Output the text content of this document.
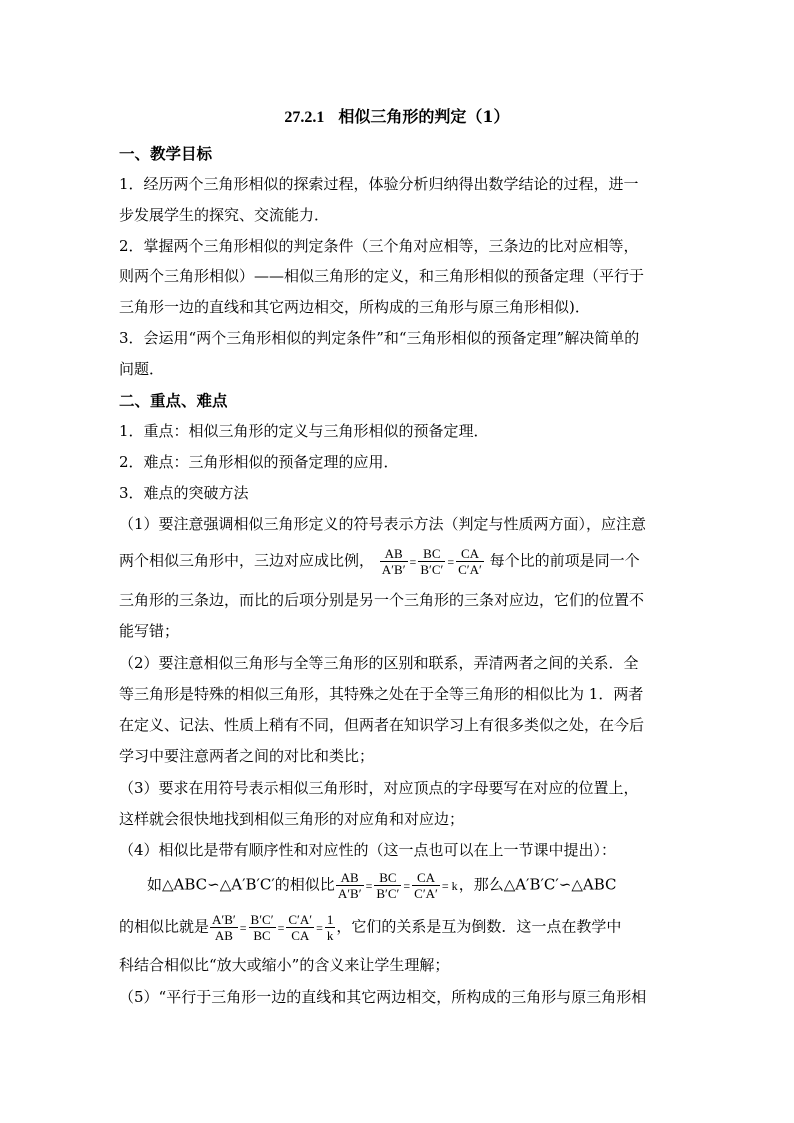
27.2.1 相似三角形的判定（1）
一、教学目标
1．经历两个三角形相似的探索过程，体验分析归纳得出数学结论的过程，进一
步发展学生的探究、交流能力．
2．掌握两个三角形相似的判定条件（三个角对应相等，三条边的比对应相等，
则两个三角形相似）——相似三角形的定义，和三角形相似的预备定理（平行于
三角形一边的直线和其它两边相交，所构成的三角形与原三角形相似)．
3．会运用“两个三角形相似的判定条件”和“三角形相似的预备定理”解决简单的
问题．
二、重点、难点
1．重点：相似三角形的定义与三角形相似的预备定理．
2．难点：三角形相似的预备定理的应用．
3．难点的突破方法
（1）要注意强调相似三角形定义的符号表示方法（判定与性质两方面），应注意
两个相似三角形中，三边对应成比例， $\frac{AB}{A'B'} = \frac{BC}{B'C'} = \frac{CA}{C'A'}$ 每个比的前项是同一个
三角形的三条边，而比的后项分别是另一个三角形的三条对应边，它们的位置不
能写错；
（2）要注意相似三角形与全等三角形的区别和联系，弄清两者之间的关系．全
等三角形是特殊的相似三角形，其特殊之处在于全等三角形的相似比为 1．两者
在定义、记法、性质上稍有不同，但两者在知识学习上有很多类似之处，在今后
学习中要注意两者之间的对比和类比；
（3）要求在用符号表示相似三角形时，对应顶点的字母要写在对应的位置上，
这样就会很快地找到相似三角形的对应角和对应边；
（4）相似比是带有顺序性和对应性的（这一点也可以在上一节课中提出）：
如△ABC∽△A′B′C′的相似比 $\frac{AB}{A'B'} = \frac{BC}{B'C'} = \frac{CA}{C'A'} = k$，那么△A′B′C′∽△ABC
的相似比就是 $\frac{A'B'}{AB} = \frac{B'C'}{BC} = \frac{C'A'}{CA} = \frac{1}{k}$ ，它们的关系是互为倒数．这一点在教学中
科结合相似比“放大或缩小”的含义来让学生理解；
（5）“平行于三角形一边的直线和其它两边相交，所构成的三角形与原三角形相
